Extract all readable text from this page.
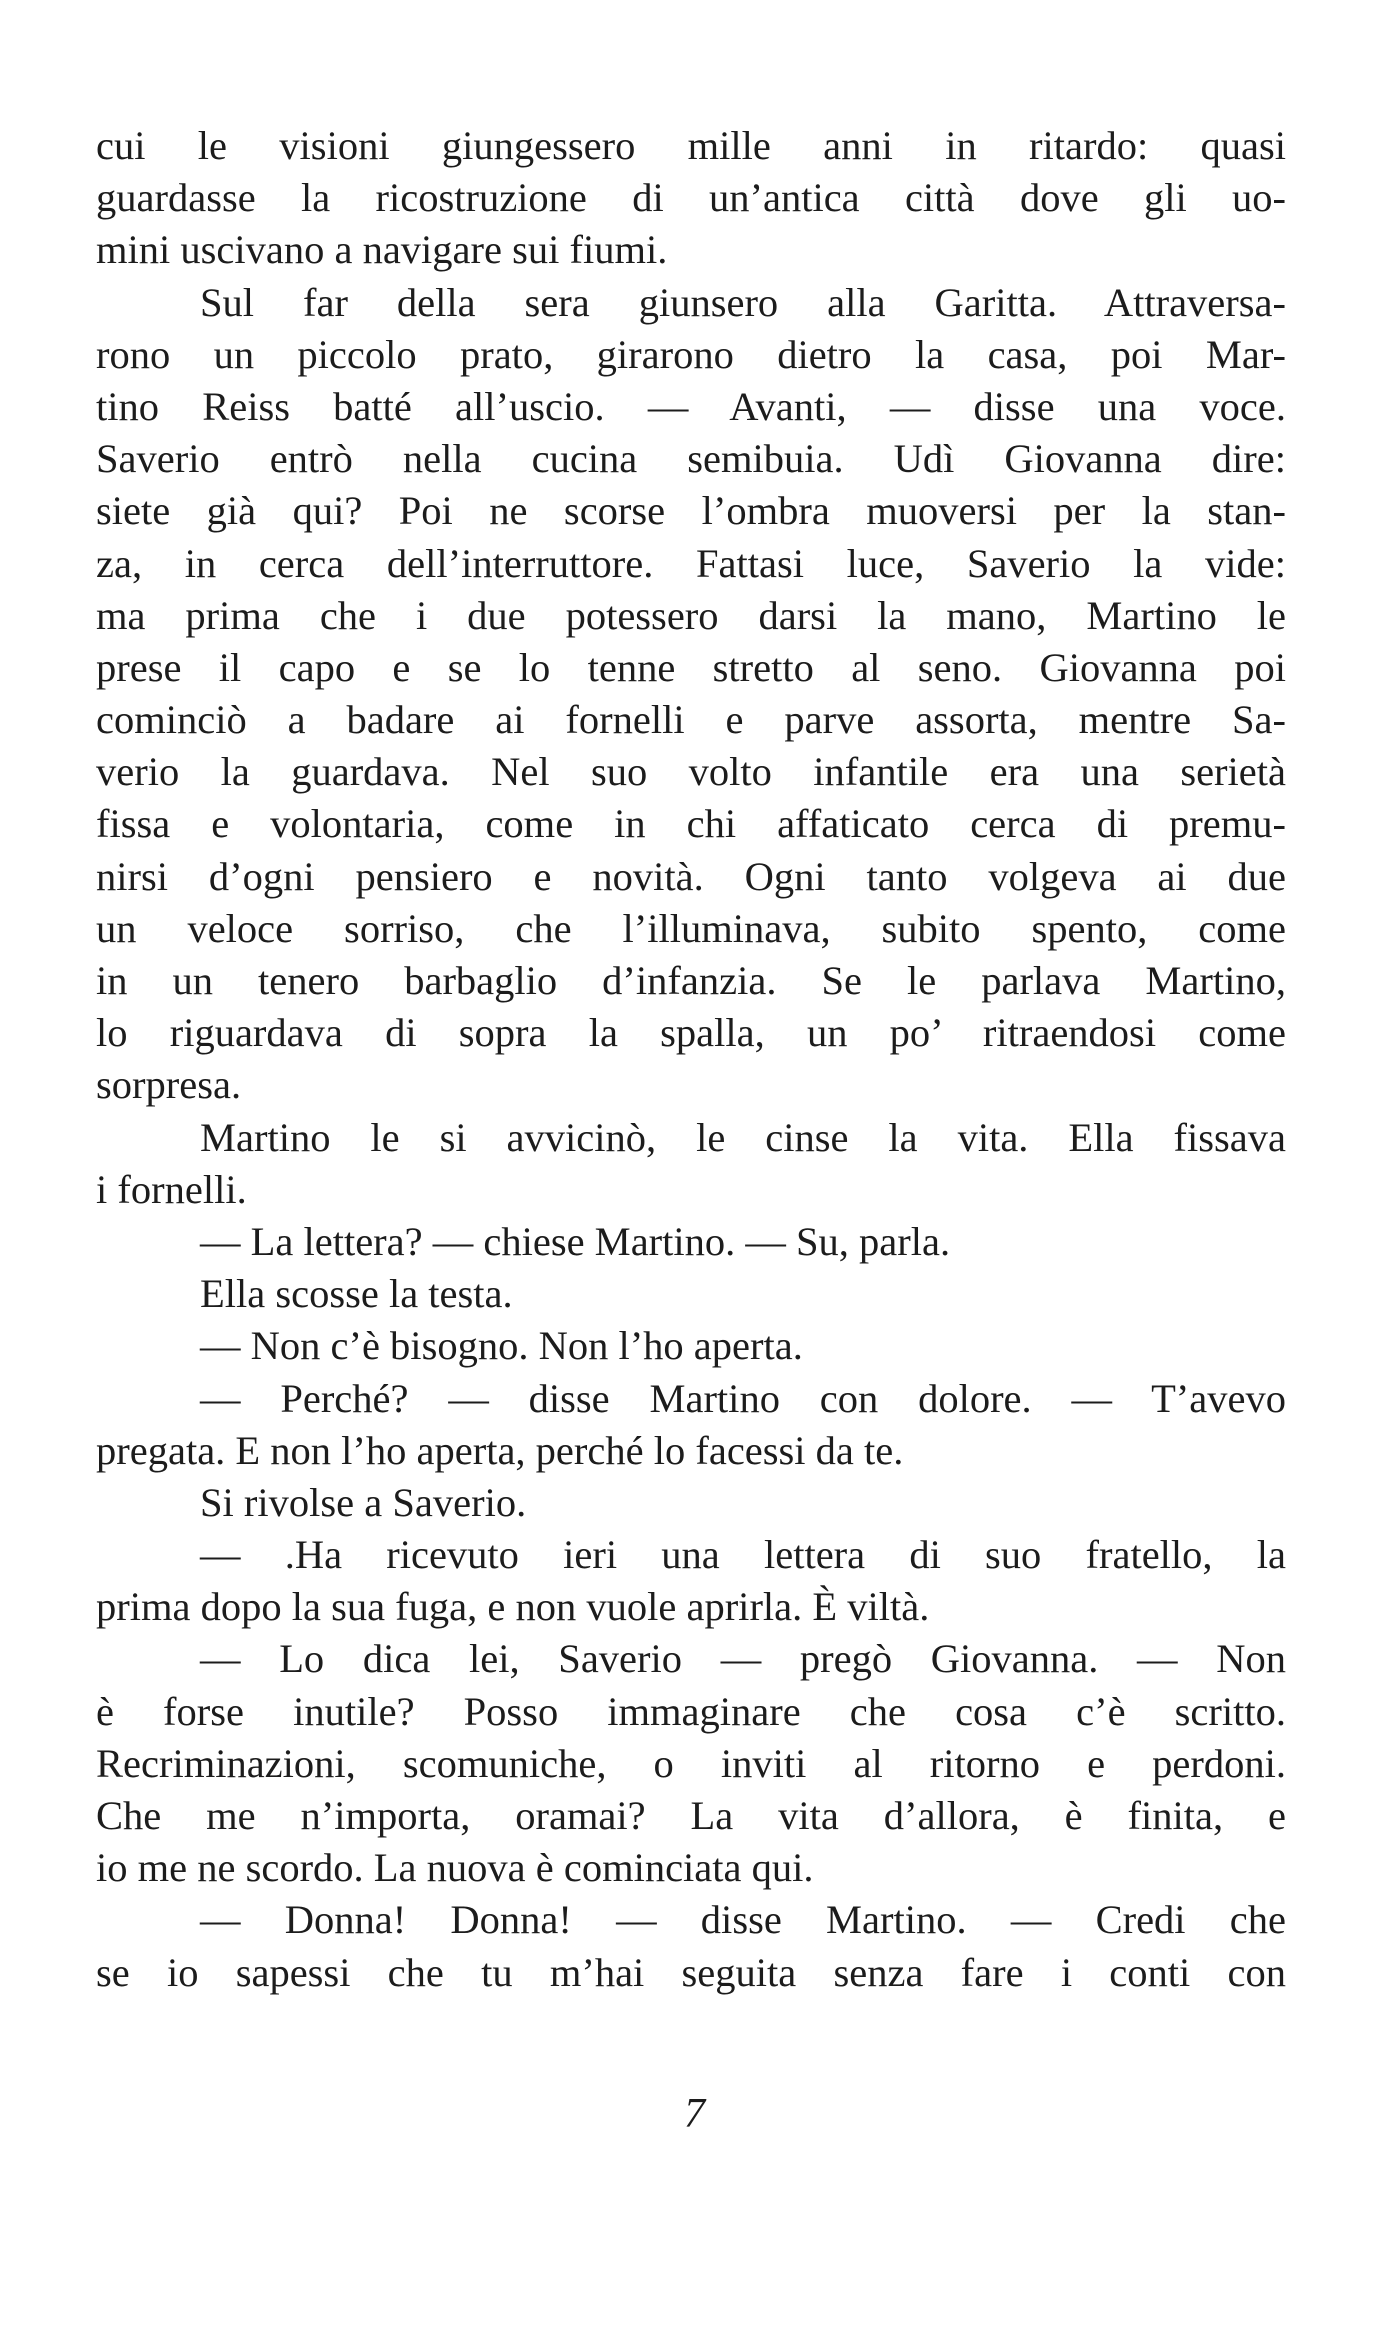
cui le visioni giungessero mille anni in ritardo: quasi
guardasse la ricostruzione di un’antica città dove gli uo-
mini uscivano a navigare sui fiumi.
Sul far della sera giunsero alla Garitta. Attraversa-
rono un piccolo prato, girarono dietro la casa, poi Mar-
tino Reiss batté all’uscio. — Avanti, — disse una voce.
Saverio entrò nella cucina semibuia. Udì Giovanna dire:
siete già qui? Poi ne scorse l’ombra muoversi per la stan-
za, in cerca dell’interruttore. Fattasi luce, Saverio la vide:
ma prima che i due potessero darsi la mano, Martino le
prese il capo e se lo tenne stretto al seno. Giovanna poi
cominciò a badare ai fornelli e parve assorta, mentre Sa-
verio la guardava. Nel suo volto infantile era una serietà
fissa e volontaria, come in chi affaticato cerca di premu-
nirsi d’ogni pensiero e novità. Ogni tanto volgeva ai due
un veloce sorriso, che l’illuminava, subito spento, come
in un tenero barbaglio d’infanzia. Se le parlava Martino,
lo riguardava di sopra la spalla, un po’ ritraendosi come
sorpresa.
Martino le si avvicinò, le cinse la vita. Ella fissava
i fornelli.
— La lettera? — chiese Martino. — Su, parla.
Ella scosse la testa.
— Non c’è bisogno. Non l’ho aperta.
— Perché? — disse Martino con dolore. — T’avevo
pregata. E non l’ho aperta, perché lo facessi da te.
Si rivolse a Saverio.
— .Ha ricevuto ieri una lettera di suo fratello, la
prima dopo la sua fuga, e non vuole aprirla. È viltà.
— Lo dica lei, Saverio — pregò Giovanna. — Non
è forse inutile? Posso immaginare che cosa c’è scritto.
Recriminazioni, scomuniche, o inviti al ritorno e perdoni.
Che me n’importa, oramai? La vita d’allora, è finita, e
io me ne scordo. La nuova è cominciata qui.
— Donna! Donna! — disse Martino. — Credi che
se io sapessi che tu m’hai seguita senza fare i conti con
7
